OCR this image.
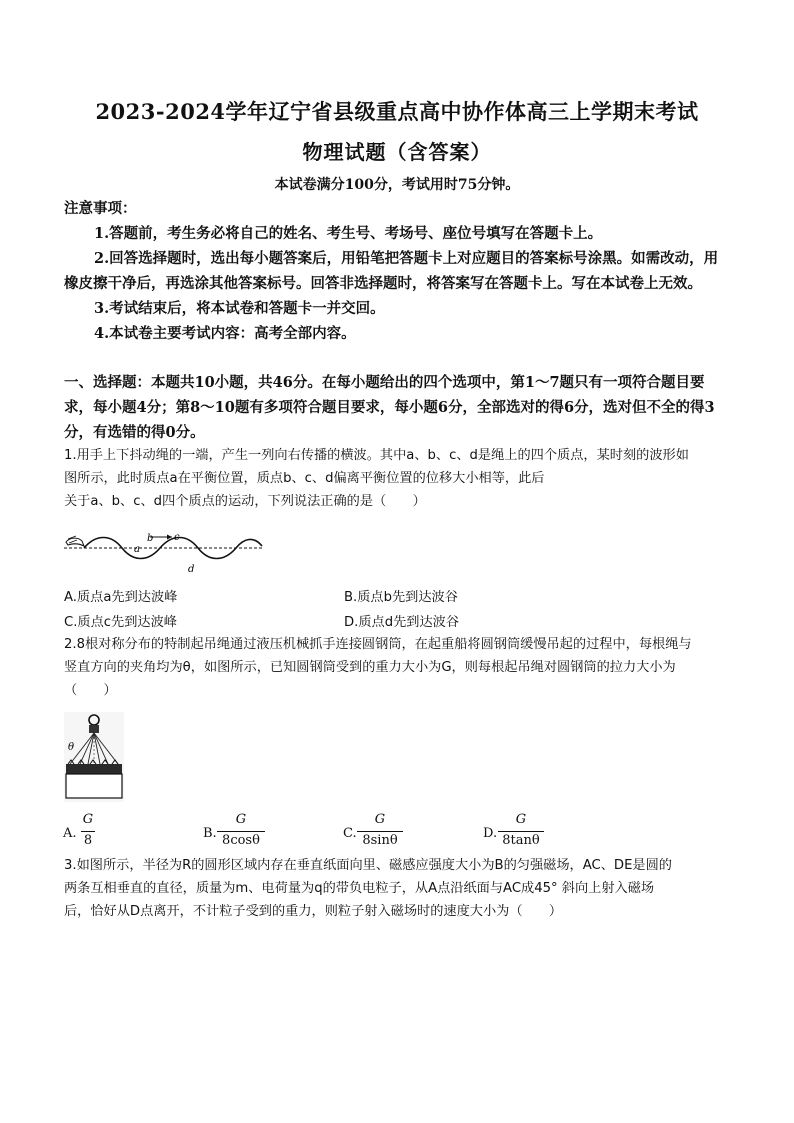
2023-2024学年辽宁省县级重点高中协作体高三上学期末考试
物理试题（含答案）
本试卷满分100分，考试用时75分钟。

注意事项：

1.答题前，考生务必将自己的姓名、考生号、考场号、座位号填写在答题卡上。

2.回答选择题时，选出每小题答案后，用铅笔把答题卡上对应题目的答案标号涂黑。如需改动，用橡皮擦干净后，再选涂其他答案标号。回答非选择题时，将答案写在答题卡上。写在本试卷上无效。

3.考试结束后，将本试卷和答题卡一并交回。

4.本试卷主要考试内容：高考全部内容。

一、选择题：本题共10小题，共46分。在每小题给出的四个选项中，第1～7题只有一项符合题目要求，每小题4分；第8～10题有多项符合题目要求，每小题6分，全部选对的得6分，选对但不全的得3分，有选错的得0分。

1.用手上下抖动绳的一端，产生一列向右传播的横波。其中a、b、c、d是绳上的四个质点，某时刻的波形如

图所示，此时质点a在平衡位置，质点b、c、d偏离平衡位置的位移大小相等，此后

关于a、b、c、d四个质点的运动，下列说法正确的是（　　）

a
b c
d
A.质点a先到达波峰	B.质点b先到达波谷
C.质点c先到达波峰	D.质点d先到达波谷

2.8根对称分布的特制起吊绳通过液压机械抓手连接圆钢筒，在起重船将圆钢筒缓慢吊起的过程中，每根绳与

竖直方向的夹角均为θ，如图所示，已知圆钢筒受到的重力大小为G，则每根起吊绳对圆钢筒的拉力大小为

（　　）

θ
A.
G
8	B.
G
8cosθ	C.
G
8sinθ	D.
G
8tanθ

3.如图所示，半径为R的圆形区域内存在垂直纸面向里、磁感应强度大小为B的匀强磁场，AC、DE是圆的

两条互相垂直的直径，质量为m、电荷量为q的带负电粒子，从A点沿纸面与AC成45° 斜向上射入磁场

后，恰好从D点离开，不计粒子受到的重力，则粒子射入磁场时的速度大小为（　　）
